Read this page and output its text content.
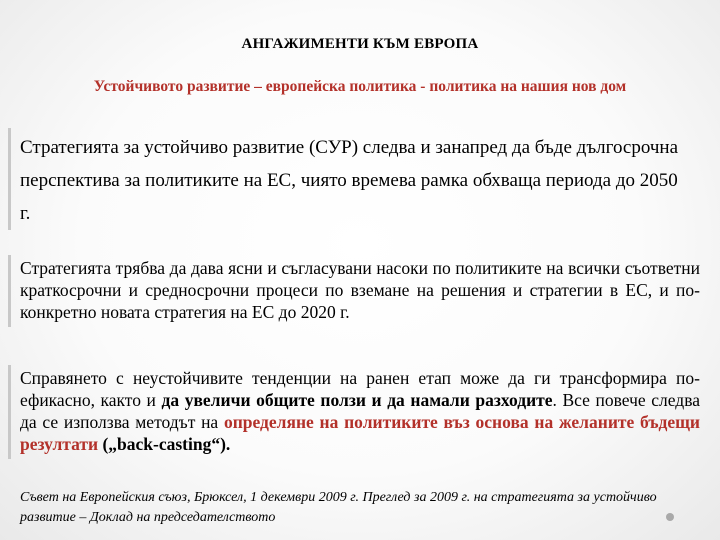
АНГАЖИМЕНТИ КЪМ ЕВРОПА
Устойчивото развитие – европейска политика - политика на нашия нов дом
Стратегията за устойчиво развитие (СУР) следва и занапред да бъде дългосрочна перспектива за политиките на ЕС, чиято времева рамка обхваща периода до 2050 г.
Стратегията трябва да дава ясни и съгласувани насоки по политиките на всички съответни краткосрочни и средносрочни процеси по вземане на решения и стратегии в ЕС, и по-конкретно новата стратегия на ЕС до 2020 г.
Справянето с неустойчивите тенденции на ранен етап може да ги трансформира по-ефикасно, както и да увеличи общите ползи и да намали разходите. Все повече следва да се използва методът на определяне на политиките въз основа на желаните бъдещи резултати („back-casting“).
Съвет на Европейския съюз, Брюксел, 1 декември 2009 г. Преглед за 2009 г. на стратегията за устойчиво развитие – Доклад на председателството
